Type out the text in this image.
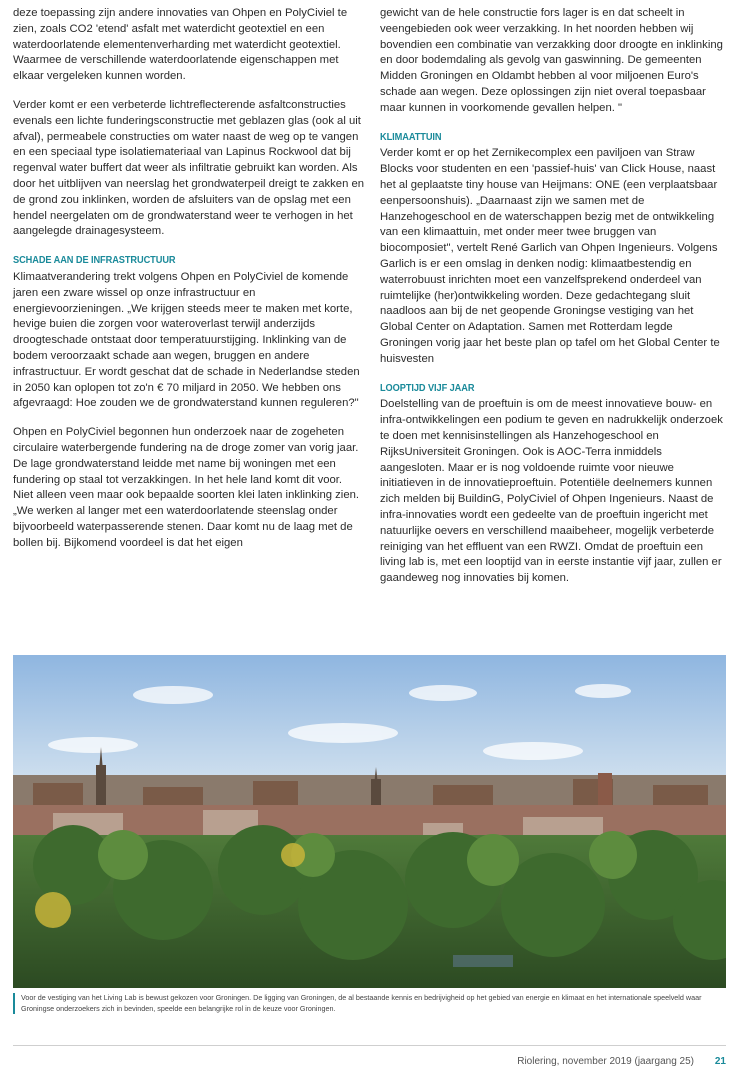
deze toepassing zijn andere innovaties van Ohpen en PolyCiviel te zien, zoals CO2 'etend' asfalt met waterdicht geotextiel en een waterdoorlatende elementenverharding met waterdicht geotextiel. Waarmee de verschillende waterdoorlatende eigenschappen met elkaar vergeleken kunnen worden.

Verder komt er een verbeterde lichtreflecterende asfaltconstructies evenals een lichte funderingsconstructie met geblazen glas (ook al uit afval), permeabele constructies om water naast de weg op te vangen en een speciaal type isolatiemateriaal van Lapinus Rockwool dat bij regenval water buffert dat weer als infiltratie gebruikt kan worden. Als door het uitblijven van neerslag het grondwaterpeil dreigt te zakken en de grond zou inklinken, worden de afsluiters van de opslag met een hendel neergelaten om de grondwaterstand weer te verhogen in het aangelegde drainagesysteem.

SCHADE AAN DE INFRASTRUCTUUR

Klimaatverandering trekt volgens Ohpen en PolyCiviel de komende jaren een zware wissel op onze infrastructuur en energievoorzieningen. „We krijgen steeds meer te maken met korte, hevige buien die zorgen voor wateroverlast terwijl anderzijds droogteschade ontstaat door temperatuurstijging. Inklinking van de bodem veroorzaakt schade aan wegen, bruggen en andere infrastructuur. Er wordt geschat dat de schade in Nederlandse steden in 2050 kan oplopen tot zo'n € 70 miljard in 2050. We hebben ons afgevraagd: Hoe zouden we de grondwaterstand kunnen reguleren?"

Ohpen en PolyCiviel begonnen hun onderzoek naar de zogeheten circulaire waterbergende fundering na de droge zomer van vorig jaar. De lage grondwaterstand leidde met name bij woningen met een fundering op staal tot verzakkingen. In het hele land komt dit voor. Niet alleen veen maar ook bepaalde soorten klei laten inklinking zien. „We werken al langer met een waterdoorlatende steenslag onder bijvoorbeeld waterpasserende stenen. Daar komt nu de laag met de bollen bij. Bijkomend voordeel is dat het eigen

gewicht van de hele constructie fors lager is en dat scheelt in veengebieden ook weer verzakking. In het noorden hebben wij bovendien een combinatie van verzakking door droogte en inklinking en door bodemdaling als gevolg van gaswinning. De gemeenten Midden Groningen en Oldambt hebben al voor miljoenen Euro's schade aan wegen. Deze oplossingen zijn niet overal toepasbaar maar kunnen in voorkomende gevallen helpen. "

KLIMAATTUIN

Verder komt er op het Zernikecomplex een paviljoen van Straw Blocks voor studenten en een 'passief-huis' van Click House, naast het al geplaatste tiny house van Heijmans: ONE (een verplaatsbaar eenpersoonshuis). „Daarnaast zijn we samen met de Hanzehogeschool en de waterschappen bezig met de ontwikkeling van een klimaattuin, met onder meer twee bruggen van biocomposiet", vertelt René Garlich van Ohpen Ingenieurs. Volgens Garlich is er een omslag in denken nodig: klimaatbestendig en waterrobuust inrichten moet een vanzelfsprekend onderdeel van ruimtelijke (her)ontwikkeling worden. Deze gedachtegang sluit naadloos aan bij de net geopende Groningse vestiging van het Global Center on Adaptation. Samen met Rotterdam legde Groningen vorig jaar het beste plan op tafel om het Global Center te huisvesten

LOOPTIJD VIJF JAAR

Doelstelling van de proeftuin is om de meest innovatieve bouw- en infra-ontwikkelingen een podium te geven en nadrukkelijk onderzoek te doen met kennisinstellingen als Hanzehogeschool en RijksUniversiteit Groningen. Ook is AOC-Terra inmiddels aangesloten. Maar er is nog voldoende ruimte voor nieuwe initiatieven in de innovatieproeftuin. Potentiële deelnemers kunnen zich melden bij BuildinG, PolyCiviel of Ohpen Ingenieurs. Naast de infra-innovaties wordt een gedeelte van de proeftuin ingericht met natuurlijke oevers en verschillend maaibeheer, mogelijk verbeterde reiniging van het effluent van een RWZI. Omdat de proeftuin een living lab is, met een looptijd van in eerste instantie vijf jaar, zullen er gaandeweg nog innovaties bij komen.

Voor de vestiging van het Living Lab is bewust gekozen voor Groningen. De ligging van Groningen, de al bestaande kennis en bedrijvigheid op het gebied van energie en klimaat en het internationale speelveld waar Groningse onderzoekers zich in bevinden, speelde een belangrijke rol in de keuze voor Groningen.
Riolering, november 2019 (jaargang 25) 21
